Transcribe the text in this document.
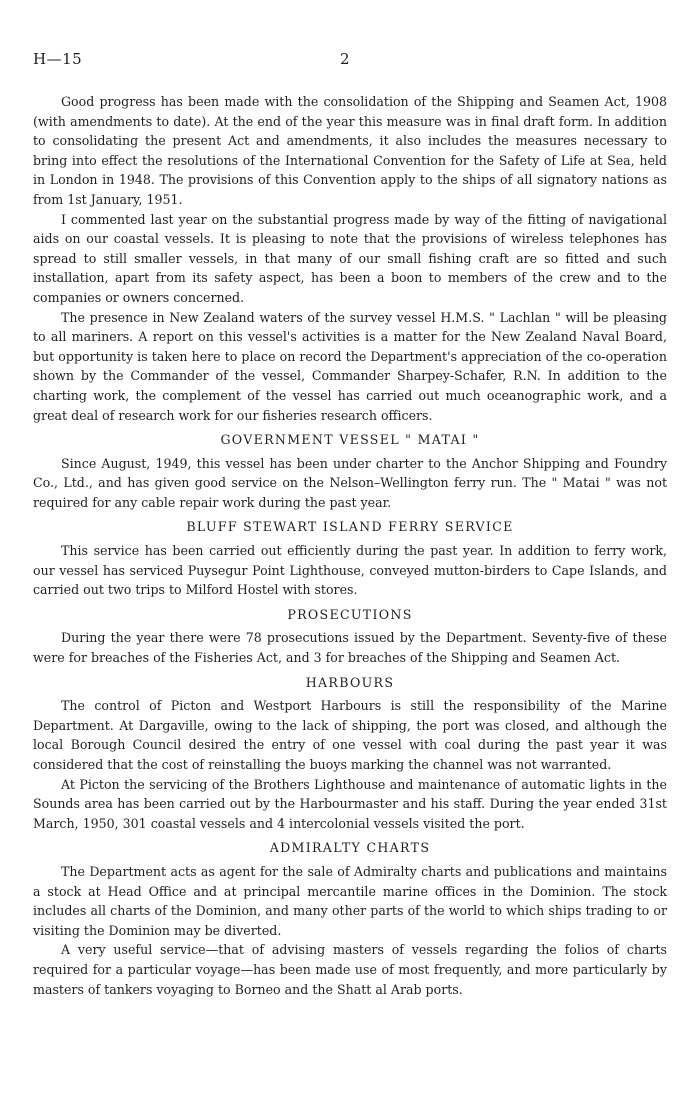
H—15	2

Good progress has been made with the consolidation of the Shipping and Seamen Act, 1908 (with amendments to date). At the end of the year this measure was in final draft form. In addition to consolidating the present Act and amendments, it also includes the measures necessary to bring into effect the resolutions of the International Convention for the Safety of Life at Sea, held in London in 1948. The provisions of this Convention apply to the ships of all signatory nations as from 1st January, 1951.

I commented last year on the substantial progress made by way of the fitting of navigational aids on our coastal vessels. It is pleasing to note that the provisions of wireless telephones has spread to still smaller vessels, in that many of our small fishing craft are so fitted and such installation, apart from its safety aspect, has been a boon to members of the crew and to the companies or owners concerned.

The presence in New Zealand waters of the survey vessel H.M.S. " Lachlan " will be pleasing to all mariners. A report on this vessel's activities is a matter for the New Zealand Naval Board, but opportunity is taken here to place on record the Department's appreciation of the co-operation shown by the Commander of the vessel, Commander Sharpey-Schafer, R.N. In addition to the charting work, the complement of the vessel has carried out much oceanographic work, and a great deal of research work for our fisheries research officers.

GOVERNMENT VESSEL " MATAI "

Since August, 1949, this vessel has been under charter to the Anchor Shipping and Foundry Co., Ltd., and has given good service on the Nelson–Wellington ferry run. The " Matai " was not required for any cable repair work during the past year.

BLUFF STEWART ISLAND FERRY SERVICE

This service has been carried out efficiently during the past year. In addition to ferry work, our vessel has serviced Puysegur Point Lighthouse, conveyed mutton-birders to Cape Islands, and carried out two trips to Milford Hostel with stores.

PROSECUTIONS

During the year there were 78 prosecutions issued by the Department. Seventy-five of these were for breaches of the Fisheries Act, and 3 for breaches of the Shipping and Seamen Act.

HARBOURS

The control of Picton and Westport Harbours is still the responsibility of the Marine Department. At Dargaville, owing to the lack of shipping, the port was closed, and although the local Borough Council desired the entry of one vessel with coal during the past year it was considered that the cost of reinstalling the buoys marking the channel was not warranted.

At Picton the servicing of the Brothers Lighthouse and maintenance of automatic lights in the Sounds area has been carried out by the Harbourmaster and his staff. During the year ended 31st March, 1950, 301 coastal vessels and 4 intercolonial vessels visited the port.

ADMIRALTY CHARTS

The Department acts as agent for the sale of Admiralty charts and publications and maintains a stock at Head Office and at principal mercantile marine offices in the Dominion. The stock includes all charts of the Dominion, and many other parts of the world to which ships trading to or visiting the Dominion may be diverted.

A very useful service—that of advising masters of vessels regarding the folios of charts required for a particular voyage—has been made use of most frequently, and more particularly by masters of tankers voyaging to Borneo and the Shatt al Arab ports.
